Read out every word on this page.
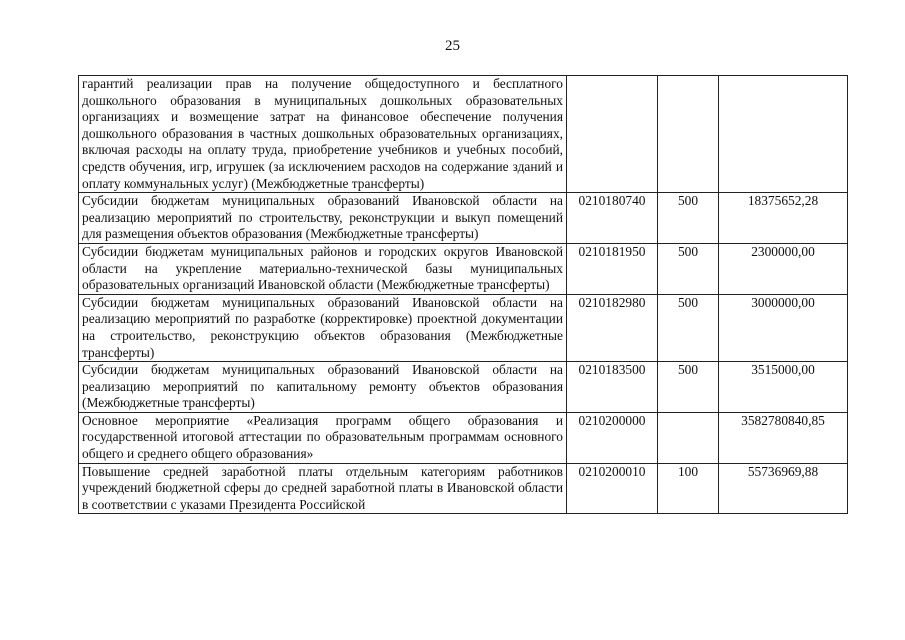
25
гарантий реализации прав на получение общедоступного и бесплатного дошкольного образования в муниципальных дошкольных образовательных организациях и возмещение затрат на финансовое обеспечение получения дошкольного образования в частных дошкольных образовательных организациях, включая расходы на оплату труда, приобретение учебников и учебных пособий, средств обучения, игр, игрушек (за исключением расходов на содержание зданий и оплату коммунальных услуг) (Межбюджетные трансферты)			
Субсидии бюджетам муниципальных образований Ивановской области на реализацию мероприятий по строительству, реконструкции и выкуп помещений для размещения объектов образования (Межбюджетные трансферты)	0210180740	500	18375652,28
Субсидии бюджетам муниципальных районов и городских округов Ивановской области на укрепление материально-технической базы муниципальных образовательных организаций Ивановской области (Межбюджетные трансферты)	0210181950	500	2300000,00
Субсидии бюджетам муниципальных образований Ивановской области на реализацию мероприятий по разработке (корректировке) проектной документации на строительство, реконструкцию объектов образования (Межбюджетные трансферты)	0210182980	500	3000000,00
Субсидии бюджетам муниципальных образований Ивановской области на реализацию мероприятий по капитальному ремонту объектов образования (Межбюджетные трансферты)	0210183500	500	3515000,00
Основное мероприятие «Реализация программ общего образования и государственной итоговой аттестации по образовательным программам основного общего и среднего общего образования»	0210200000		3582780840,85
Повышение средней заработной платы отдельным категориям работников учреждений бюджетной сферы до средней заработной платы в Ивановской области в соответствии с указами Президента Российской	0210200010	100	55736969,88
